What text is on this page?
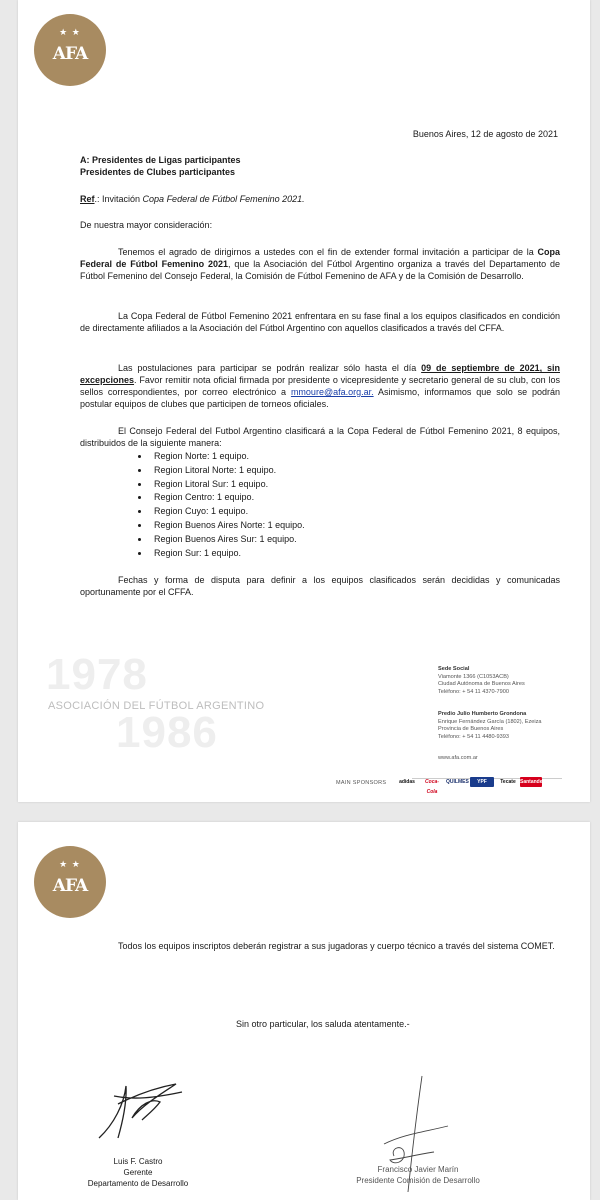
★ ★
AFA
Buenos Aires, 12 de agosto de 2021
A: Presidentes de Ligas participantes
Presidentes de Clubes participantes
Ref.: Invitación Copa Federal de Fútbol Femenino 2021.
De nuestra mayor consideración:
Tenemos el agrado de dirigirnos a ustedes con el fin de extender formal invitación a participar de la Copa Federal de Fútbol Femenino 2021, que la Asociación del Fútbol Argentino organiza a través del Departamento de Fútbol Femenino del Consejo Federal, la Comisión de Fútbol Femenino de AFA y de la Comisión de Desarrollo.
La Copa Federal de Fútbol Femenino 2021 enfrentara en su fase final a los equipos clasificados en condición de directamente afiliados a la Asociación del Fútbol Argentino con aquellos clasificados a través del CFFA.
Las postulaciones para participar se podrán realizar sólo hasta el día 09 de septiembre de 2021, sin excepciones. Favor remitir nota oficial firmada por presidente o vicepresidente y secretario general de su club, con los sellos correspondientes, por correo electrónico a mmoure@afa.org.ar. Asimismo, informamos que solo se podrán postular equipos de clubes que participen de torneos oficiales.
El Consejo Federal del Futbol Argentino clasificará a la Copa Federal de Fútbol Femenino 2021, 8 equipos, distribuidos de la siguiente manera:
• Region Norte: 1 equipo.
• Region Litoral Norte: 1 equipo.
• Region Litoral Sur: 1 equipo.
• Region Centro: 1 equipo.
• Region Cuyo: 1 equipo.
• Region Buenos Aires Norte: 1 equipo.
• Region Buenos Aires Sur: 1 equipo.
• Region Sur: 1 equipo.
Fechas y forma de disputa para definir a los equipos clasificados serán decididas y comunicadas oportunamente por el CFFA.
1978
1986
ASOCIACIÓN DEL FÚTBOL ARGENTINO
Sede Social
Viamonte 1366 (C1053ACB)
Ciudad Autónoma de Buenos Aires
Teléfono: + 54 11 4370-7900
Predio Julio Humberto Grondona
Enrique Fernández García (1802), Ezeiza
Provincia de Buenos Aires
Teléfono: + 54 11 4480-9393
www.afa.com.ar
MAIN SPONSORS	adidas	Coca-Cola
QUILMES	YPF	Tecate Santander
★ ★
AFA
Todos los equipos inscriptos deberán registrar a sus jugadoras y cuerpo técnico a través del sistema COMET.
Sin otro particular, los saluda atentamente.-
Luis F. Castro
Gerente
Departamento de Desarrollo
Francisco Javier Marín
Presidente Comisión de Desarrollo
